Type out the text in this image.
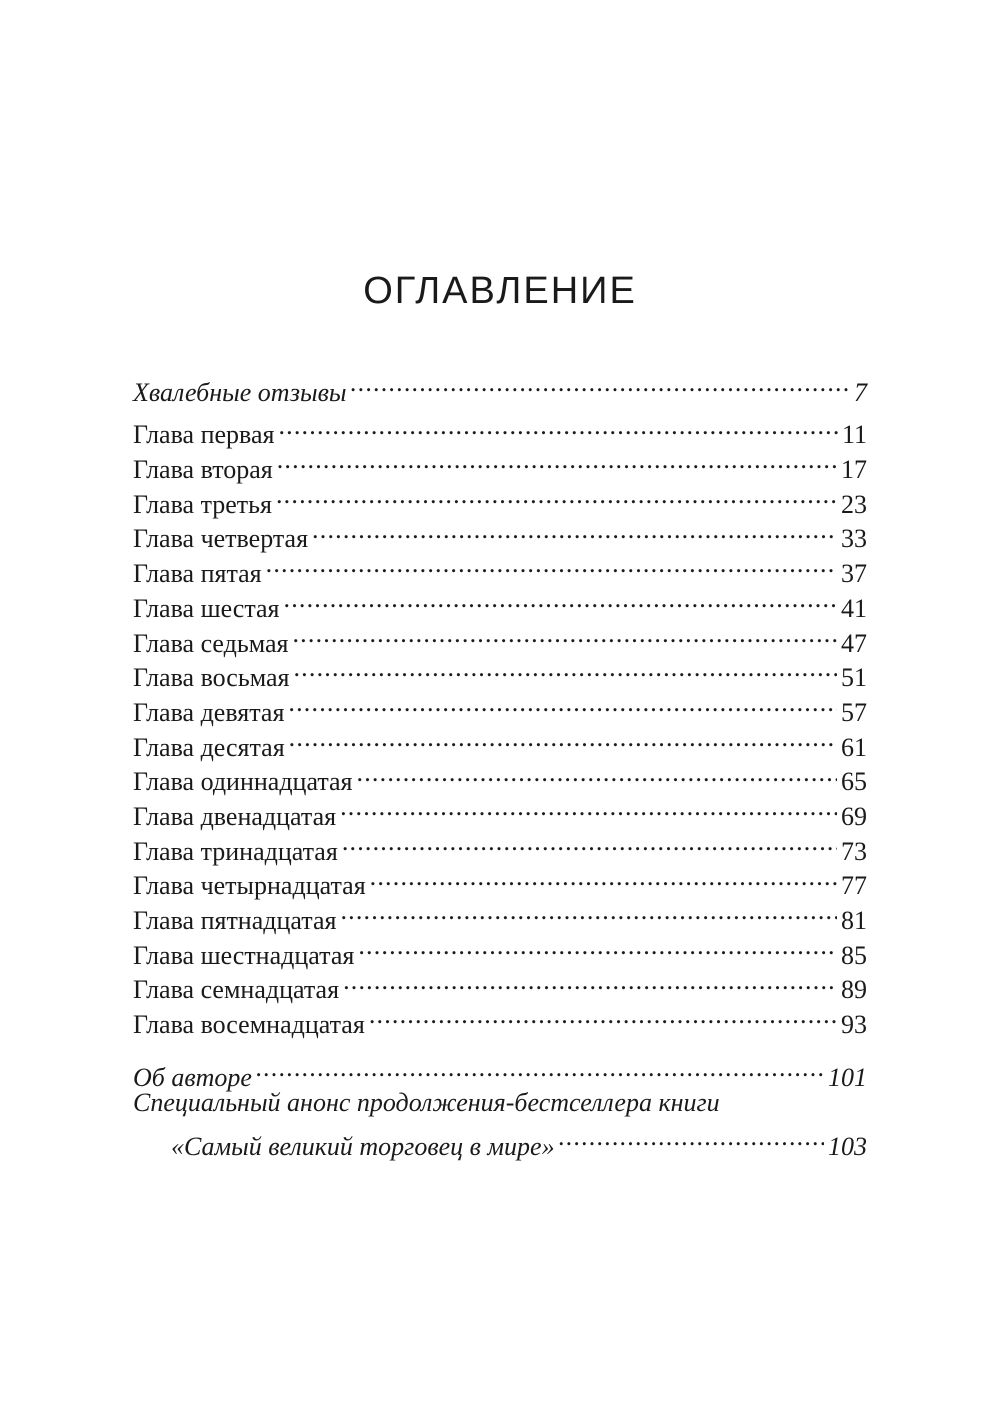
ОГЛАВЛЕНИЕ
Хвалебные отзывы .....	7
Глава первая .....	11
Глава вторая .....	17
Глава третья .....	23
Глава четвертая .....	33
Глава пятая .....	37
Глава шестая .....	41
Глава седьмая .....	47
Глава восьмая .....	51
Глава девятая .....	57
Глава десятая .....	61
Глава одиннадцатая .....	65
Глава двенадцатая .....	69
Глава тринадцатая .....	73
Глава четырнадцатая .....	77
Глава пятнадцатая .....	81
Глава шестнадцатая .....	85
Глава семнадцатая .....	89
Глава восемнадцатая .....	93
Об авторе .....	101
Специальный анонс продолжения-бестселлера книги
«Самый великий торговец в мире» .....	103
